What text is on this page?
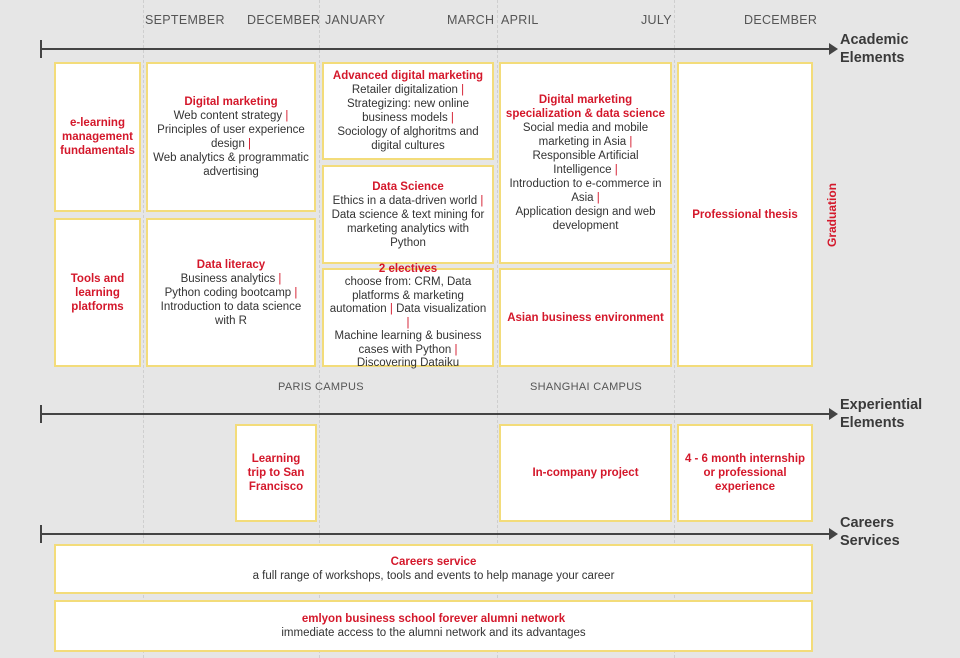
SEPTEMBER DECEMBER JANUARY	MARCH APRIL	JULY	DECEMBER
Academic
Elements
Experiential
Elements
Careers
Services
e-learning management fundamentals
Tools and learning platforms
Digital marketing
Web content strategy |
Principles of user experience design |
Web analytics & programmatic advertising
Data literacy
Business analytics |
Python coding bootcamp |
Introduction to data science with R
Advanced digital marketing
Retailer digitalization |
Strategizing: new online business models |
Sociology of alghoritms and digital cultures
Data Science
Ethics in a data-driven world | Data science & text mining for marketing analytics with Python
2 electives
choose from: CRM, Data platforms & marketing automation | Data visualization |
Machine learning & business cases with Python |
Discovering Dataiku
Digital marketing specialization & data science
Social media and mobile marketing in Asia |
Responsible Artificial Intelligence |
Introduction to e-commerce in Asia |
Application design and web development
Asian business environment
Professional thesis Graduation
PARIS CAMPUS	SHANGHAI CAMPUS
Learning trip to San Francisco
In-company project
4 - 6 month internship or professional experience
Careers service
a full range of workshops, tools and events to help manage your career
emlyon business school forever alumni network
immediate access to the alumni network and its advantages
